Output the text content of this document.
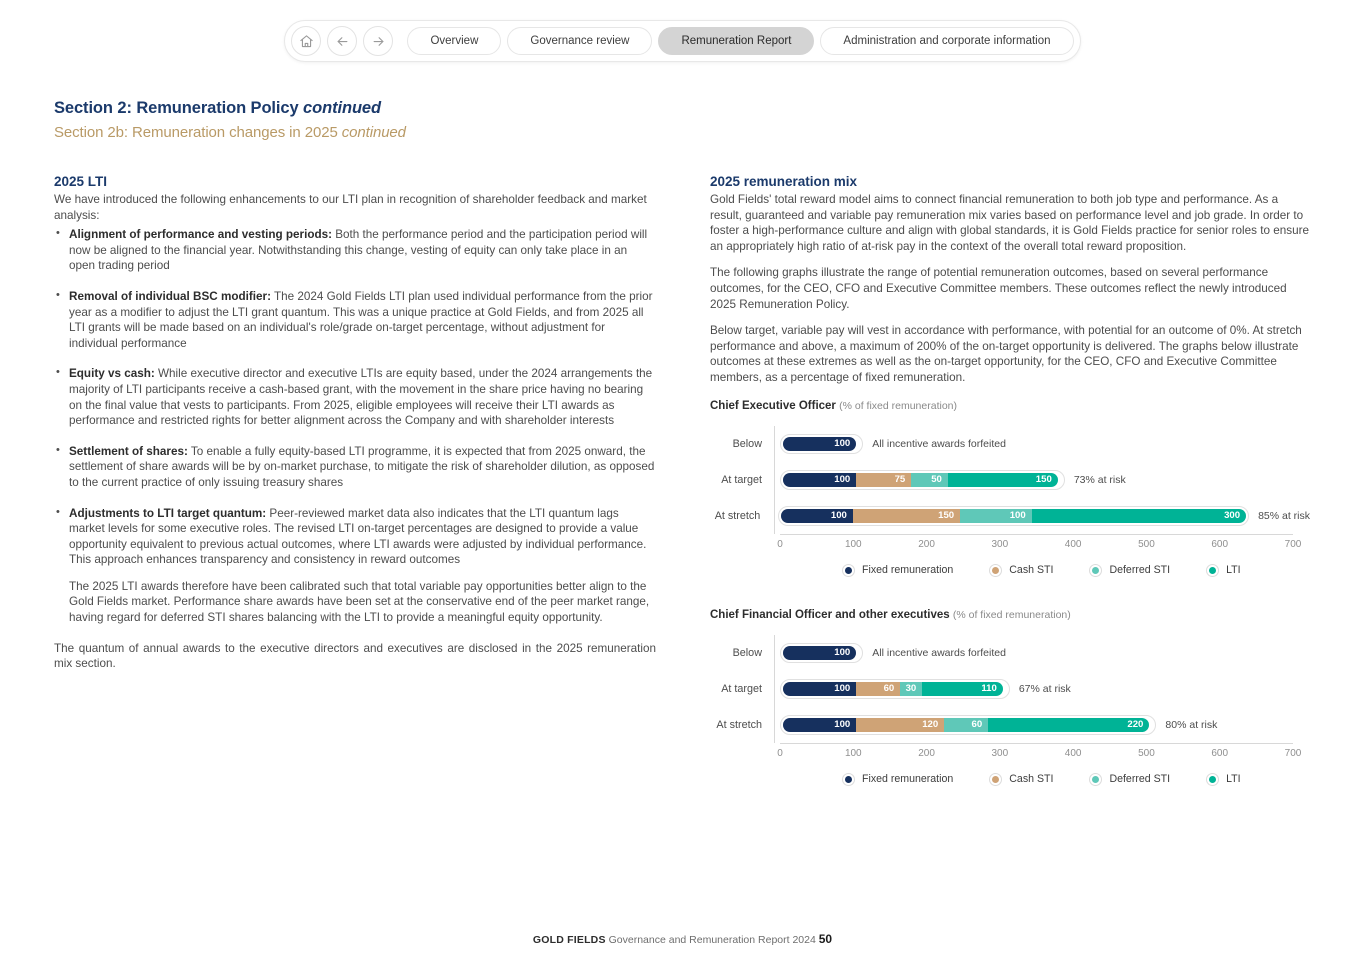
Overview	Governance review	Remuneration Report	Administration and corporate information
Section 2: Remuneration Policy continued
Section 2b: Remuneration changes in 2025 continued
2025 LTI

We have introduced the following enhancements to our LTI plan in recognition of shareholder feedback and market analysis:

• Alignment of performance and vesting periods: Both the performance period and the participation period will now be aligned to the financial year. Notwithstanding this change, vesting of equity can only take place in an open trading period
• Removal of individual BSC modifier: The 2024 Gold Fields LTI plan used individual performance from the prior year as a modifier to adjust the LTI grant quantum. This was a unique practice at Gold Fields, and from 2025 all LTI grants will be made based on an individual's role/grade on-target percentage, without adjustment for individual performance
• Equity vs cash: While executive director and executive LTIs are equity based, under the 2024 arrangements the majority of LTI participants receive a cash-based grant, with the movement in the share price having no bearing on the final value that vests to participants. From 2025, eligible employees will receive their LTI awards as performance and restricted rights for better alignment across the Company and with shareholder interests
• Settlement of shares: To enable a fully equity-based LTI programme, it is expected that from 2025 onward, the settlement of share awards will be by on-market purchase, to mitigate the risk of shareholder dilution, as opposed to the current practice of only issuing treasury shares
• Adjustments to LTI target quantum: Peer-reviewed market data also indicates that the LTI quantum lags market levels for some executive roles. The revised LTI on-target percentages are designed to provide a value opportunity equivalent to previous actual outcomes, where LTI awards were adjusted by individual performance. This approach enhances transparency and consistency in reward outcomes
The 2025 LTI awards therefore have been calibrated such that total variable pay opportunities better align to the Gold Fields market. Performance share awards have been set at the conservative end of the peer market range, having regard for deferred STI shares balancing with the LTI to provide a meaningful equity opportunity.

The quantum of annual awards to the executive directors and executives are disclosed in the 2025 remuneration mix section.

2025 remuneration mix

Gold Fields' total reward model aims to connect financial remuneration to both job type and performance. As a result, guaranteed and variable pay remuneration mix varies based on performance level and job grade. In order to foster a high-performance culture and align with global standards, it is Gold Fields practice for senior roles to ensure an appropriately high ratio of at-risk pay in the context of the overall total reward proposition.

The following graphs illustrate the range of potential remuneration outcomes, based on several performance outcomes, for the CEO, CFO and Executive Committee members. These outcomes reflect the newly introduced 2025 Remuneration Policy.

Below target, variable pay will vest in accordance with performance, with potential for an outcome of 0%. At stretch performance and above, a maximum of 200% of the on-target opportunity is delivered. The graphs below illustrate outcomes at these extremes as well as the on-target opportunity, for the CEO, CFO and Executive Committee members, as a percentage of fixed remuneration.

Chief Executive Officer (% of fixed remuneration)
Below	100	All incentive awards forfeited
At target	100	75	50	150	73% at risk
At stretch	100	150	100	300	85% at risk
0	100	200	300	400	500	600	700
Fixed remuneration	Cash STI	Deferred STI	LTI
Chief Financial Officer and other executives (% of fixed remuneration)
Below	100	All incentive awards forfeited
At target	100	60	30	110	67% at risk
At stretch	100	120	60	220	80% at risk
0	100	200	300	400	500	600	700
Fixed remuneration	Cash STI	Deferred STI	LTI
GOLD FIELDS Governance and Remuneration Report 2024 50
